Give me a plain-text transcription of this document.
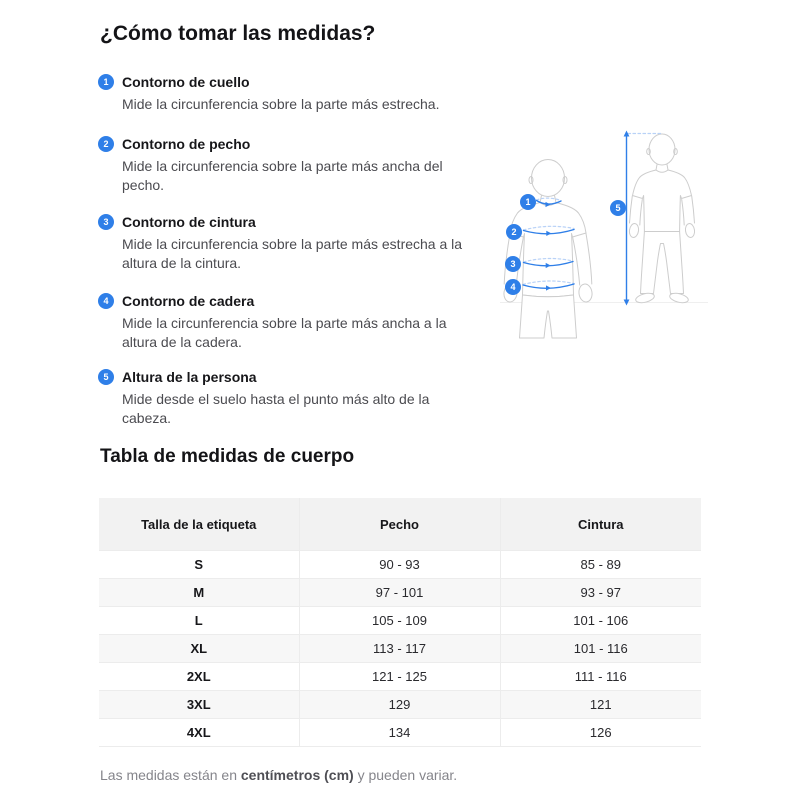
¿Cómo tomar las medidas?
1 Contorno de cuello

Mide la circunferencia sobre la parte más estrecha.

2 Contorno de pecho

Mide la circunferencia sobre la parte más ancha del pecho.

3 Contorno de cintura

Mide la circunferencia sobre la parte más estrecha a la altura de la cintura.

4 Contorno de cadera

Mide la circunferencia sobre la parte más ancha a la altura de la cadera.

5 Altura de la persona

Mide desde el suelo hasta el punto más alto de la cabeza.

1
2
3
4
5
Tabla de medidas de cuerpo
Talla de la etiqueta	Pecho	Cintura
S	90 - 93	85 - 89
M	97 - 101	93 - 97
L	105 - 109	101 - 106
XL	113 - 117	101 - 116
2XL	121 - 125	111 - 116
3XL	129	121
4XL	134	126

Las medidas están en centímetros (cm) y pueden variar.
